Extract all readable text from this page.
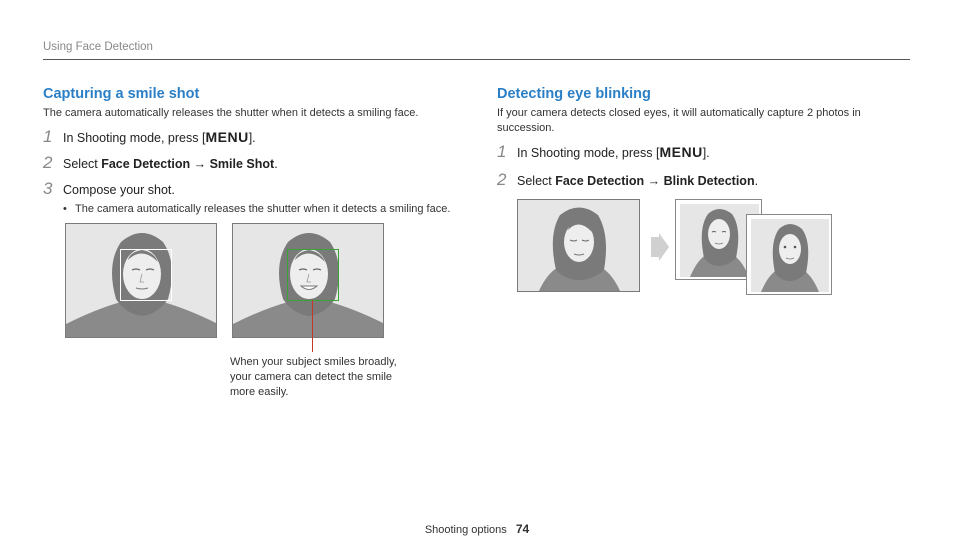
Using Face Detection
Capturing a smile shot

The camera automatically releases the shutter when it detects a smiling face.

1 In Shooting mode, press [MENU].
2 Select Face Detection → Smile Shot.
3 Compose your shot.
• The camera automatically releases the shutter when it detects a smiling face.
When your subject smiles broadly, your camera can detect the smile more easily.
Detecting eye blinking

If your camera detects closed eyes, it will automatically capture 2 photos in succession.

1 In Shooting mode, press [MENU].
2 Select Face Detection → Blink Detection.
Shooting options 74
